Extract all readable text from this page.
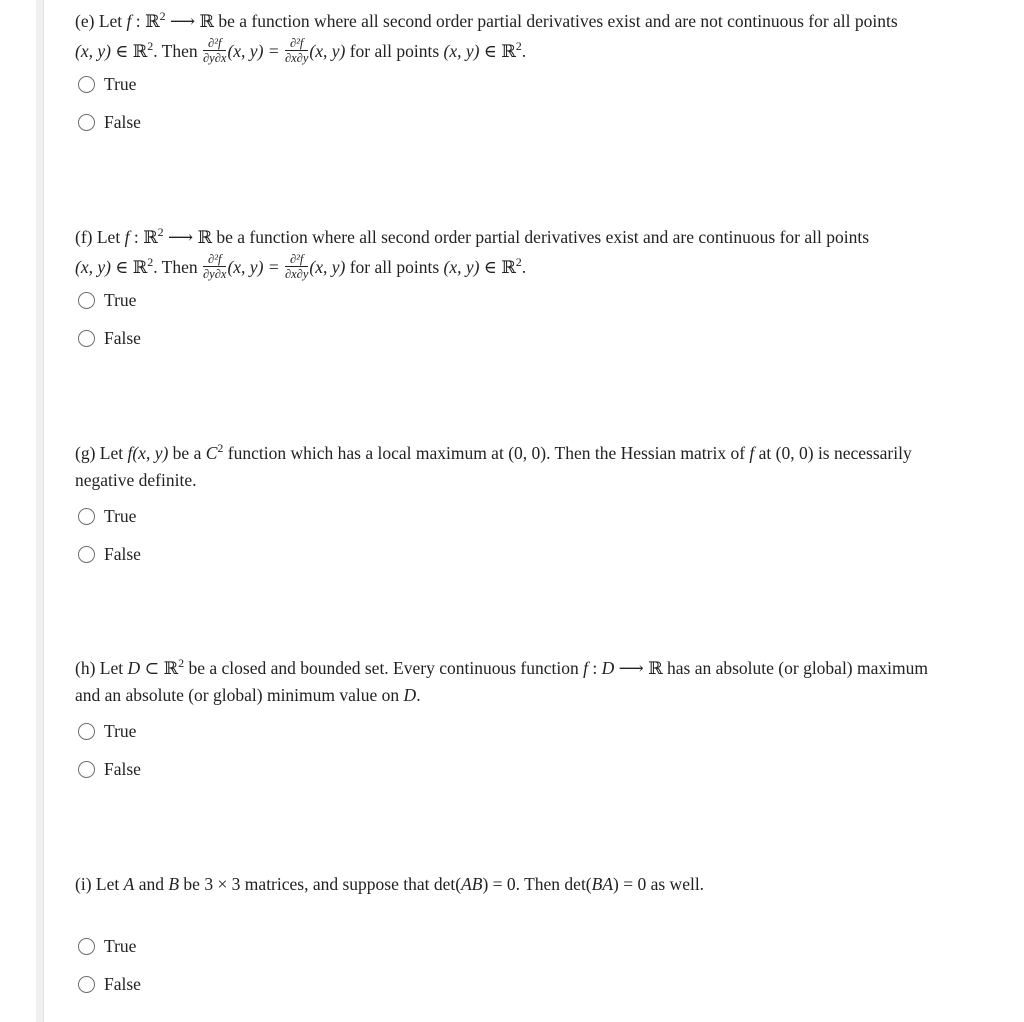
(e) Let f : ℝ$^2$ ⟶ ℝ be a function where all second order partial derivatives exist and are not continuous for all points
(x, y) ∈ ℝ$^2$. Then $\frac{\text{∂²f}}{\partial y\partial x} (x$, $y) = \frac{\text{∂²f}}{\partial x\partial y} (x$, y) for all points (x, y) ∈ ℝ$^2$.
True
False
(f) Let f : ℝ$^2$ ⟶ ℝ be a function where all second order partial derivatives exist and are continuous for all points
(x, y) ∈ ℝ$^2$. Then $\frac{\text{∂²f}}{\partial y\partial x} (x$, $y) = \frac{\text{∂²f}}{\partial x\partial y} (x$, y) for all points (x, y) ∈ ℝ$^2$.
True
False
(g) Let f(x, y) be a $C^2$ function which has a local maximum at (0, 0). Then the Hessian matrix of f at (0, 0) is necessarily
negative definite.
True
False
(h) Let D ⊂ ℝ$^2$ be a closed and bounded set. Every continuous function f : D ⟶ ℝ has an absolute (or global) maximum
and an absolute (or global) minimum value on D.
True
False
(i) Let A and B be 3 × 3 matrices, and suppose that det(AB) = 0. Then det(BA) = 0 as well.
True
False
